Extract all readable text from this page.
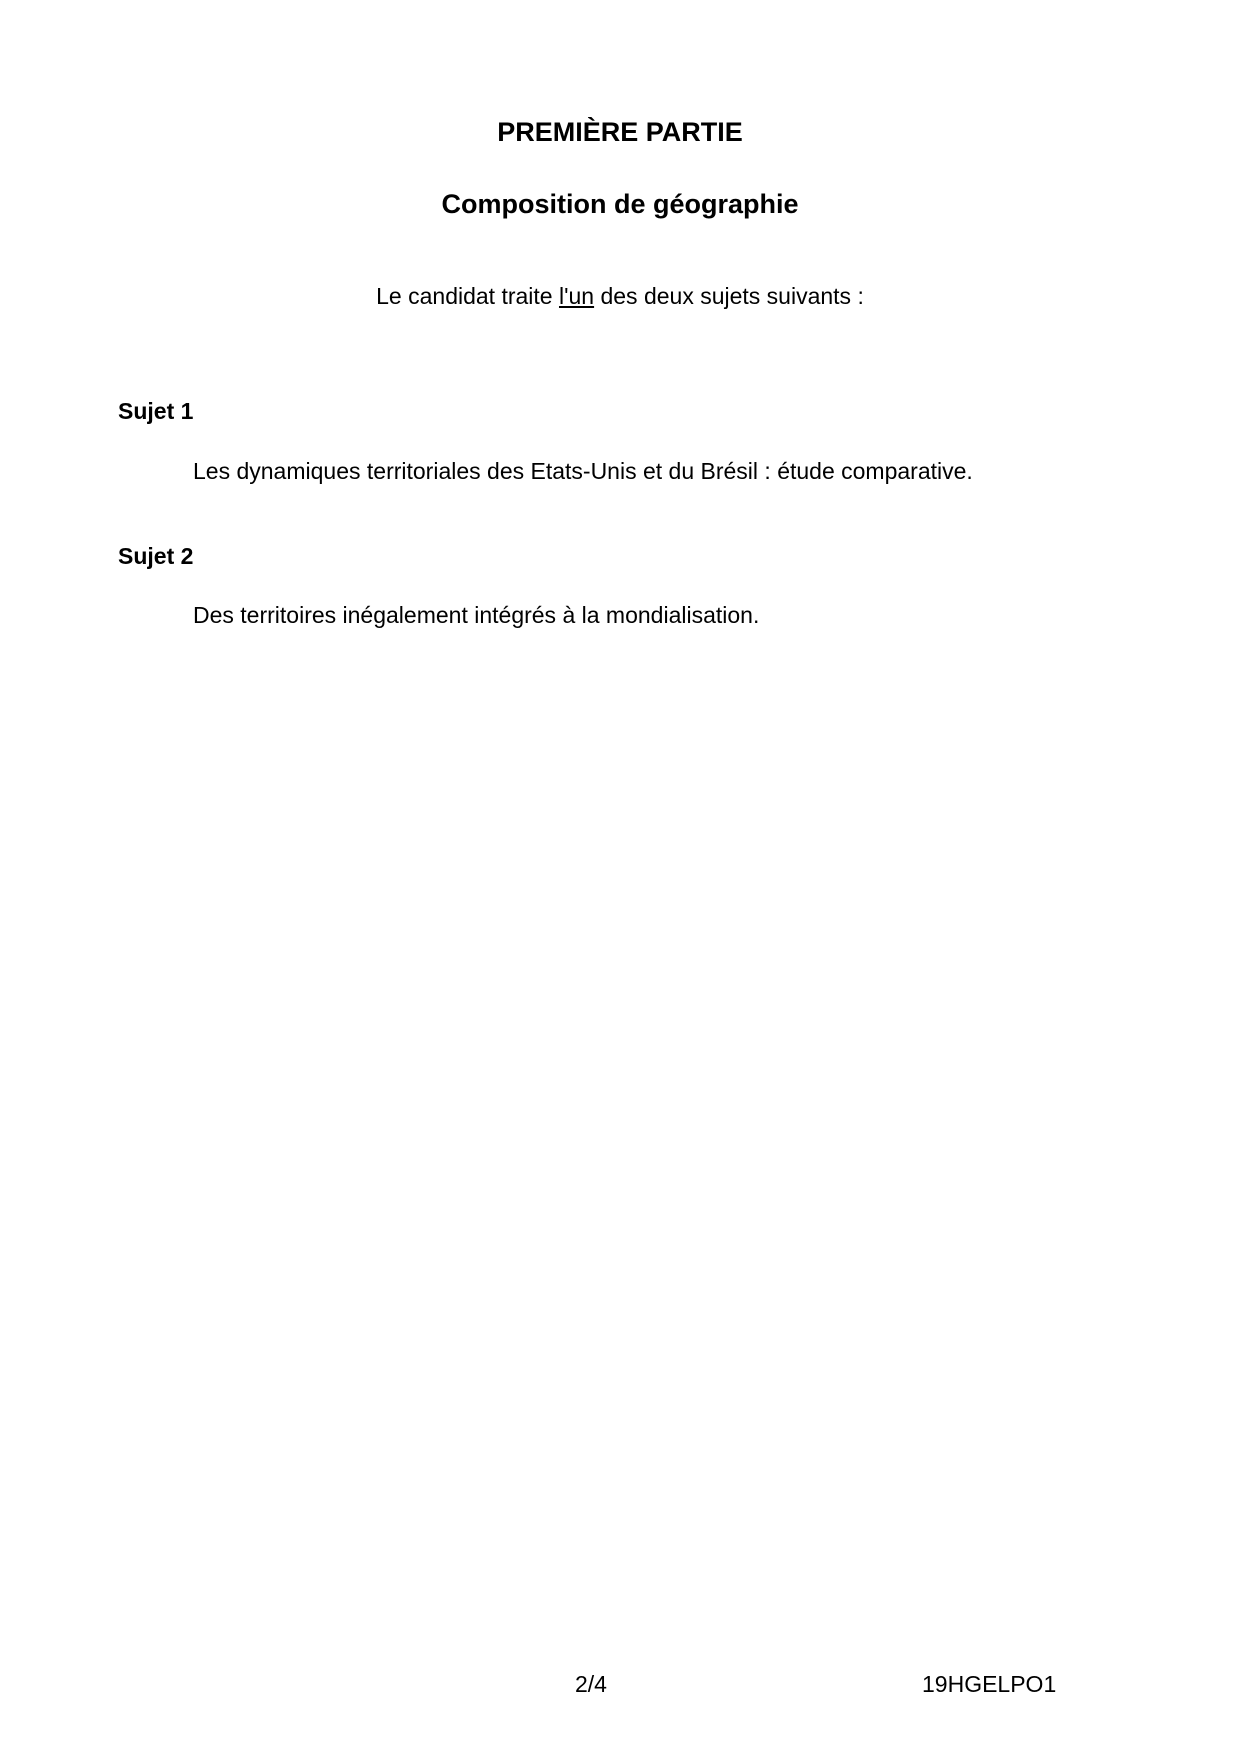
PREMIÈRE PARTIE
Composition de géographie
Le candidat traite l'un des deux sujets suivants :
Sujet 1
Les dynamiques territoriales des Etats-Unis et du Brésil : étude comparative.
Sujet 2
Des territoires inégalement intégrés à la mondialisation.
2/4	19HGELPO1
